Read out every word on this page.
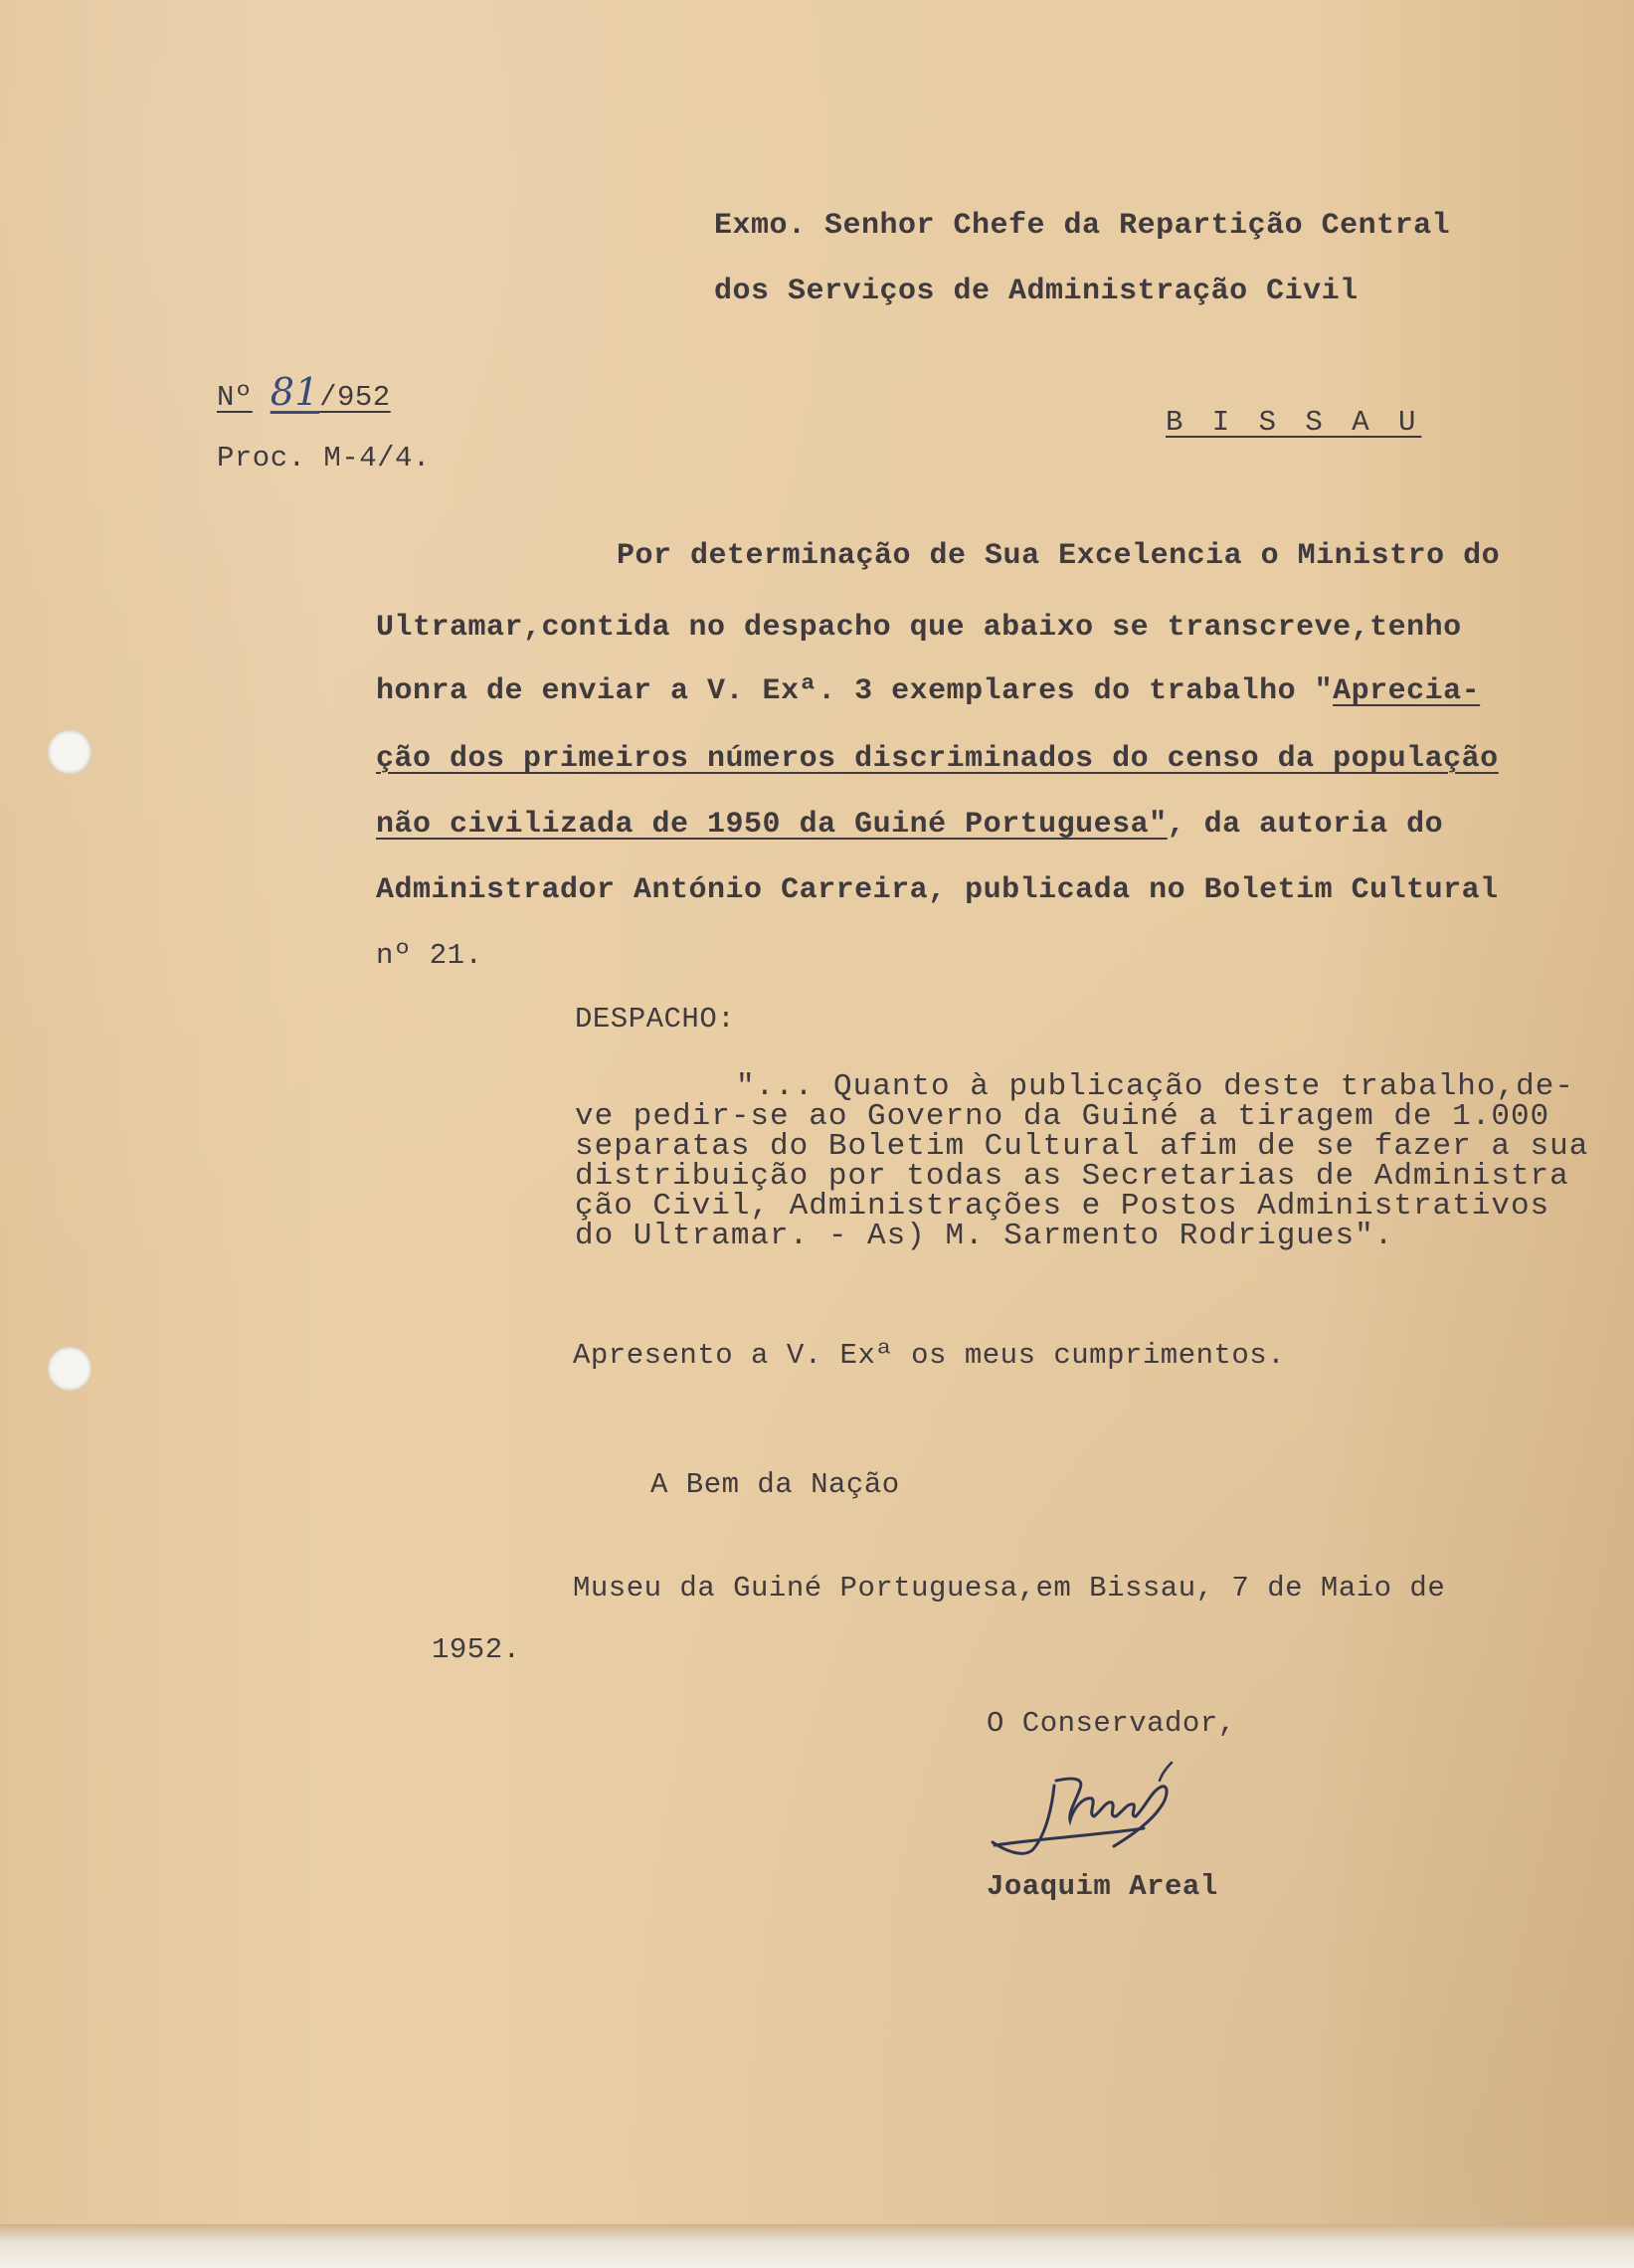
Exmo. Senhor Chefe da Repartição Central
dos Serviços de Administração Civil
B I S S A U
Nº 81/952
Proc. M-4/4.
Por determinação de Sua Excelencia o Ministro do
Ultramar,contida no despacho que abaixo se transcreve,tenho
honra de enviar a V. Exª. 3 exemplares do trabalho "Aprecia-
ção dos primeiros números discriminados do censo da população
não civilizada de 1950 da Guiné Portuguesa", da autoria do
Administrador António Carreira, publicada no Boletim Cultural
nº 21.
DESPACHO:
"... Quanto à publicação deste trabalho,de-
ve pedir-se ao Governo da Guiné a tiragem de 1.000
separatas do Boletim Cultural afim de se fazer a sua
distribuição por todas as Secretarias de Administra
ção Civil, Administrações e Postos Administrativos
do Ultramar. - As) M. Sarmento Rodrigues".
Apresento a V. Exª os meus cumprimentos.
A Bem da Nação
Museu da Guiné Portuguesa,em Bissau, 7 de Maio de
1952.
O Conservador,
Joaquim Areal
